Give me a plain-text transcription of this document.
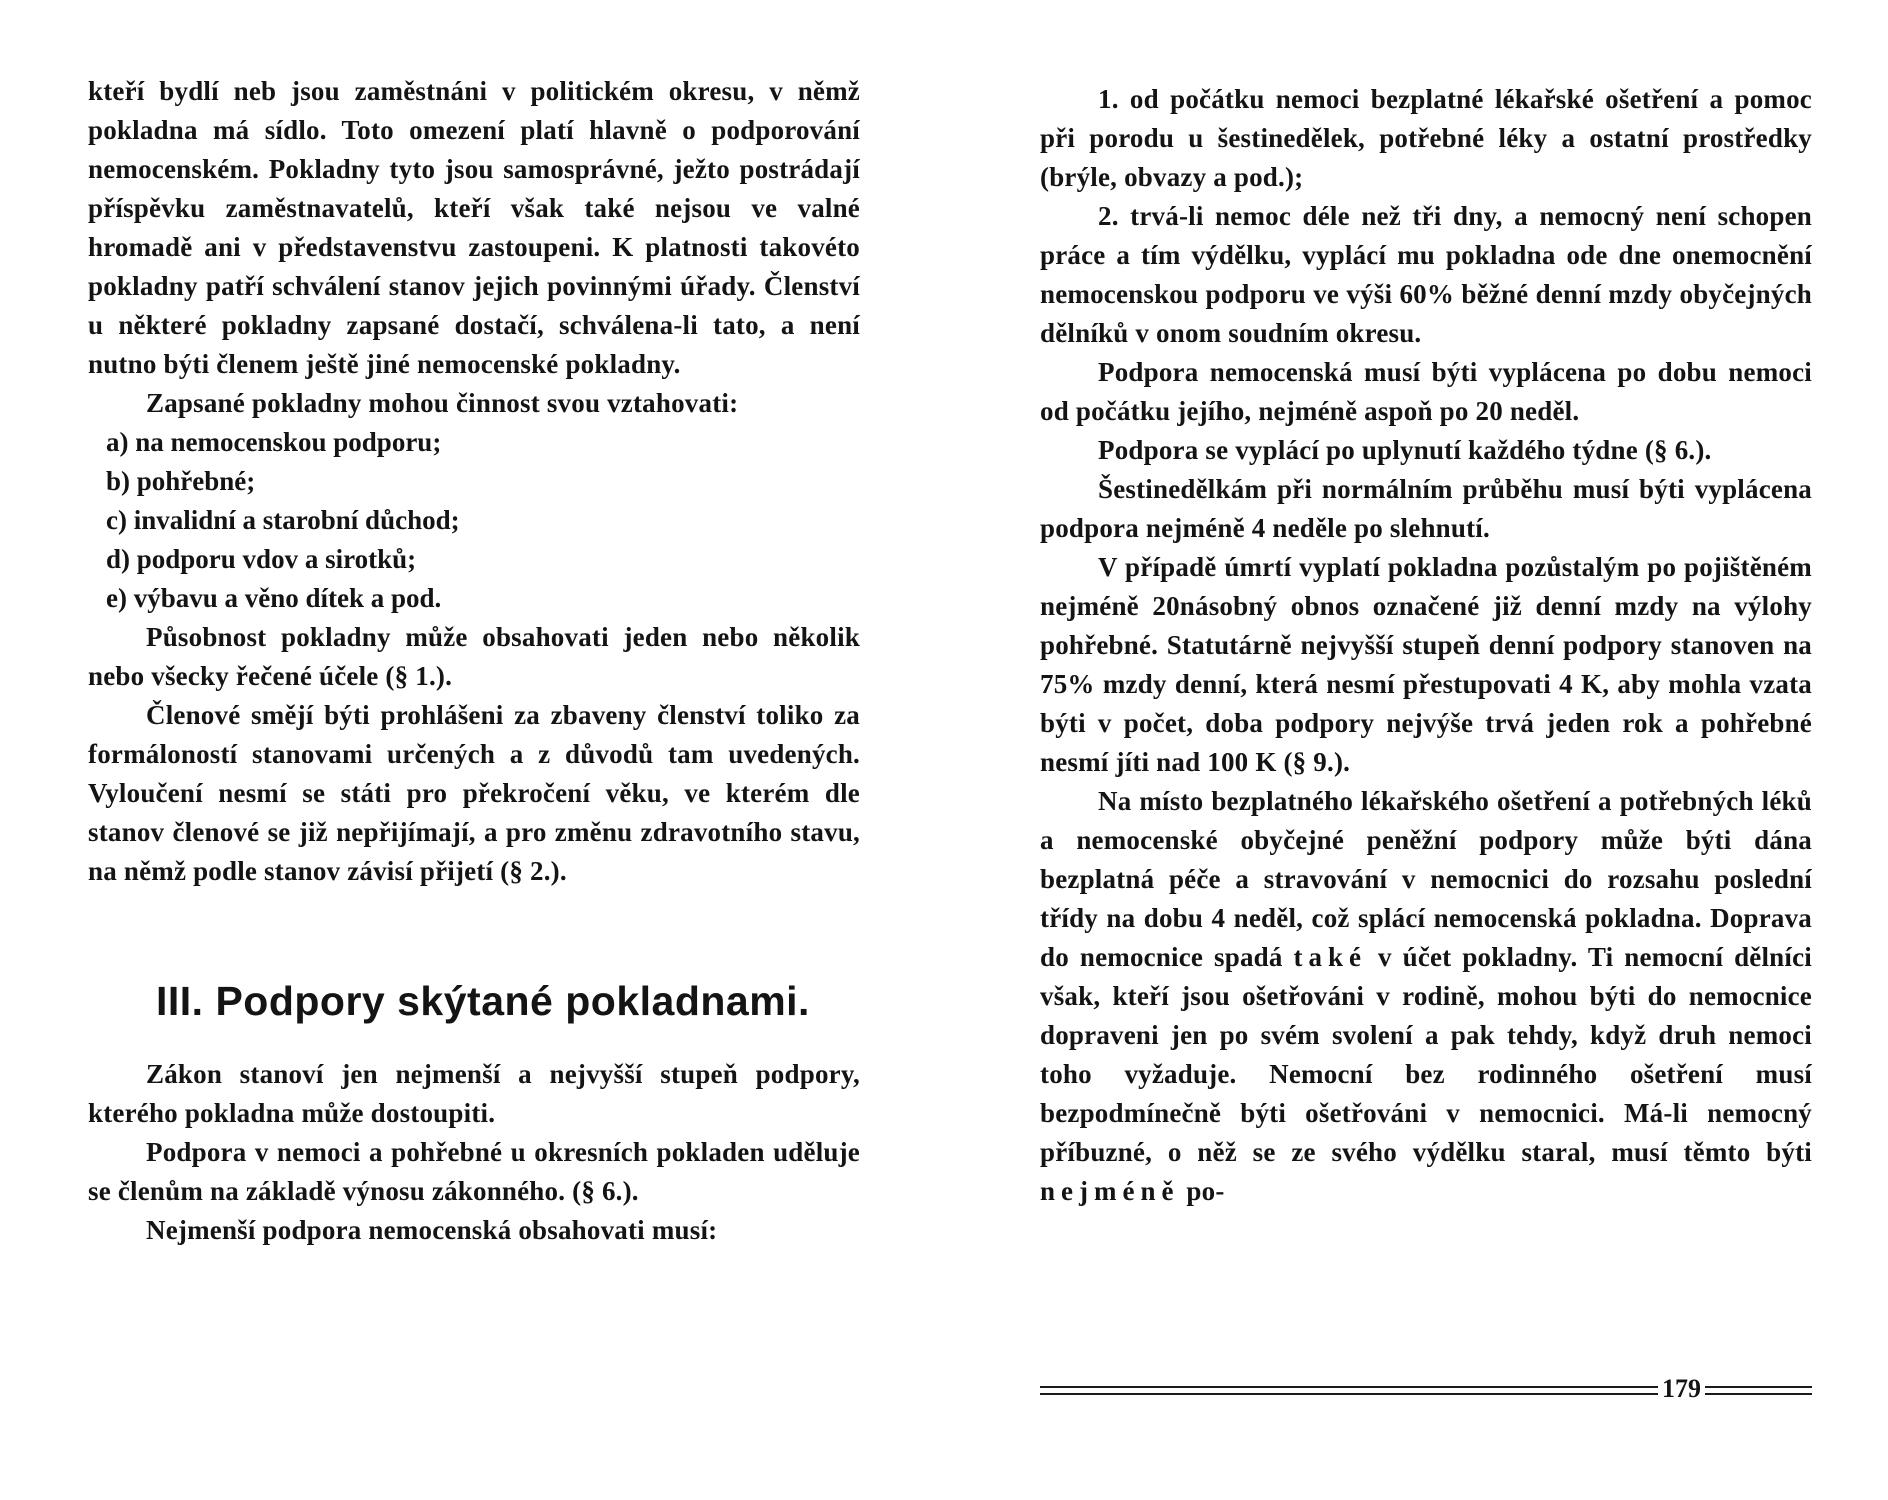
kteří bydlí neb jsou zaměstnáni v politickém okresu, v němž pokladna má sídlo. Toto omezení platí hlavně o podporování nemocenském. Pokladny tyto jsou samosprávné, ježto postrádají příspěvku zaměstnavatelů, kteří však také nejsou ve valné hromadě ani v představenstvu zastoupeni. K platnosti takovéto pokladny patří schválení stanov jejich povinnými úřady. Členství u některé pokladny zapsané dostačí, schválena-li tato, a není nutno býti členem ještě jiné nemocenské pokladny.

Zapsané pokladny mohou činnost svou vztahovati:

a) na nemocenskou podporu;
b) pohřebné;
c) invalidní a starobní důchod;
d) podporu vdov a sirotků;
e) výbavu a věno dítek a pod.

Působnost pokladny může obsahovati jeden nebo několik nebo všecky řečené účele (§ 1.).

Členové smějí býti prohlášeni za zbaveny členství toliko za formáloností stanovami určených a z důvodů tam uvedených. Vyloučení nesmí se státi pro překročení věku, ve kterém dle stanov členové se již nepřijímají, a pro změnu zdravotního stavu, na němž podle stanov závisí přijetí (§ 2.).

III. Podpory skýtané pokladnami.

Zákon stanoví jen nejmenší a nejvyšší stupeň podpory, kterého pokladna může dostoupiti.

Podpora v nemoci a pohřebné u okresních pokladen uděluje se členům na základě výnosu zákonného. (§ 6.).

Nejmenší podpora nemocenská obsahovati musí:

1. od počátku nemoci bezplatné lékařské ošetření a pomoc při porodu u šestinedělek, potřebné léky a ostatní prostředky (brýle, obvazy a pod.);

2. trvá-li nemoc déle než tři dny, a nemocný není schopen práce a tím výdělku, vyplácí mu pokladna ode dne onemocnění nemocenskou podporu ve výši 60% běžné denní mzdy obyčejných dělníků v onom soudním okresu.

Podpora nemocenská musí býti vyplácena po dobu nemoci od počátku jejího, nejméně aspoň po 20 neděl.

Podpora se vyplácí po uplynutí každého týdne (§ 6.).

Šestinedělkám při normálním průběhu musí býti vyplácena podpora nejméně 4 neděle po slehnutí.

V případě úmrtí vyplatí pokladna pozůstalým po pojištěném nejméně 20násobný obnos označené již denní mzdy na výlohy pohřebné. Statutárně nejvyšší stupeň denní podpory stanoven na 75% mzdy denní, která nesmí přestupovati 4 K, aby mohla vzata býti v počet, doba podpory nejvýše trvá jeden rok a pohřebné nesmí jíti nad 100 K (§ 9.).

Na místo bezplatného lékařského ošetření a potřebných léků a nemocenské obyčejné peněžní podpory může býti dána bezplatná péče a stravování v nemocnici do rozsahu poslední třídy na dobu 4 neděl, což splácí nemocenská pokladna. Doprava do nemocnice spadá také v účet pokladny. Ti nemocní dělníci však, kteří jsou ošetřováni v rodině, mohou býti do nemocnice dopraveni jen po svém svolení a pak tehdy, když druh nemoci toho vyžaduje. Nemocní bez rodinného ošetření musí bezpodmínečně býti ošetřováni v nemocnici. Má-li nemocný příbuzné, o něž se ze svého výdělku staral, musí těmto býti nejméně po-

179
